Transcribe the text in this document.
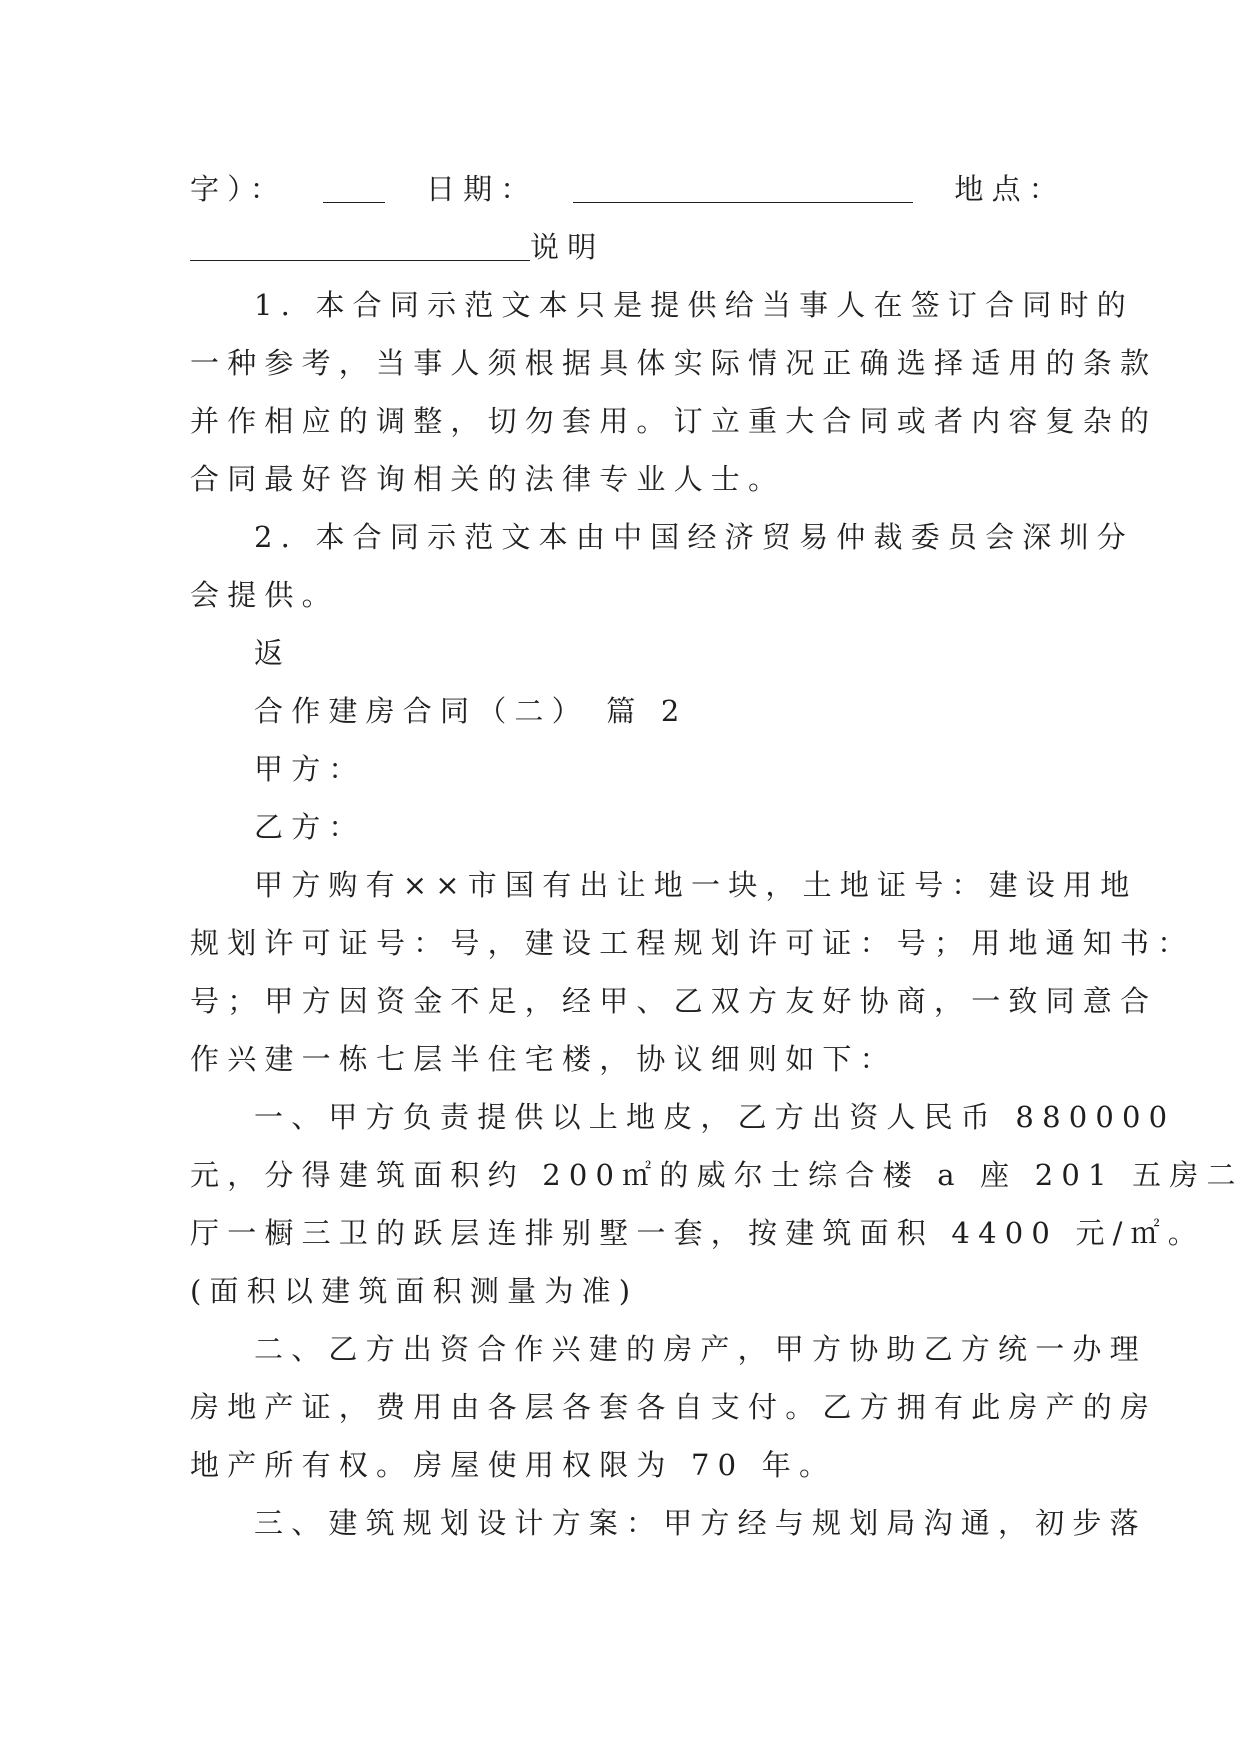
字）：	日期：	地点：
说明
1. 本合同示范文本只是提供给当事人在签订合同时的
一种参考，当事人须根据具体实际情况正确选择适用的条款
并作相应的调整，切勿套用。订立重大合同或者内容复杂的
合同最好咨询相关的法律专业人士。
2. 本合同示范文本由中国经济贸易仲裁委员会深圳分
会提供。
返
合作建房合同（二） 篇 2
甲方：
乙方：
甲方购有××市国有出让地一块，土地证号：建设用地
规划许可证号：号，建设工程规划许可证：号；用地通知书：
号；甲方因资金不足，经甲、乙双方友好协商，一致同意合
作兴建一栋七层半住宅楼，协议细则如下：
一、甲方负责提供以上地皮，乙方出资人民币 880000
元，分得建筑面积约 200㎡的威尔士综合楼 a 座 201 五房二
厅一橱三卫的跃层连排别墅一套，按建筑面积 4400 元/㎡。
(面积以建筑面积测量为准)
二、乙方出资合作兴建的房产，甲方协助乙方统一办理
房地产证，费用由各层各套各自支付。乙方拥有此房产的房
地产所有权。房屋使用权限为 70 年。
三、建筑规划设计方案：甲方经与规划局沟通，初步落
